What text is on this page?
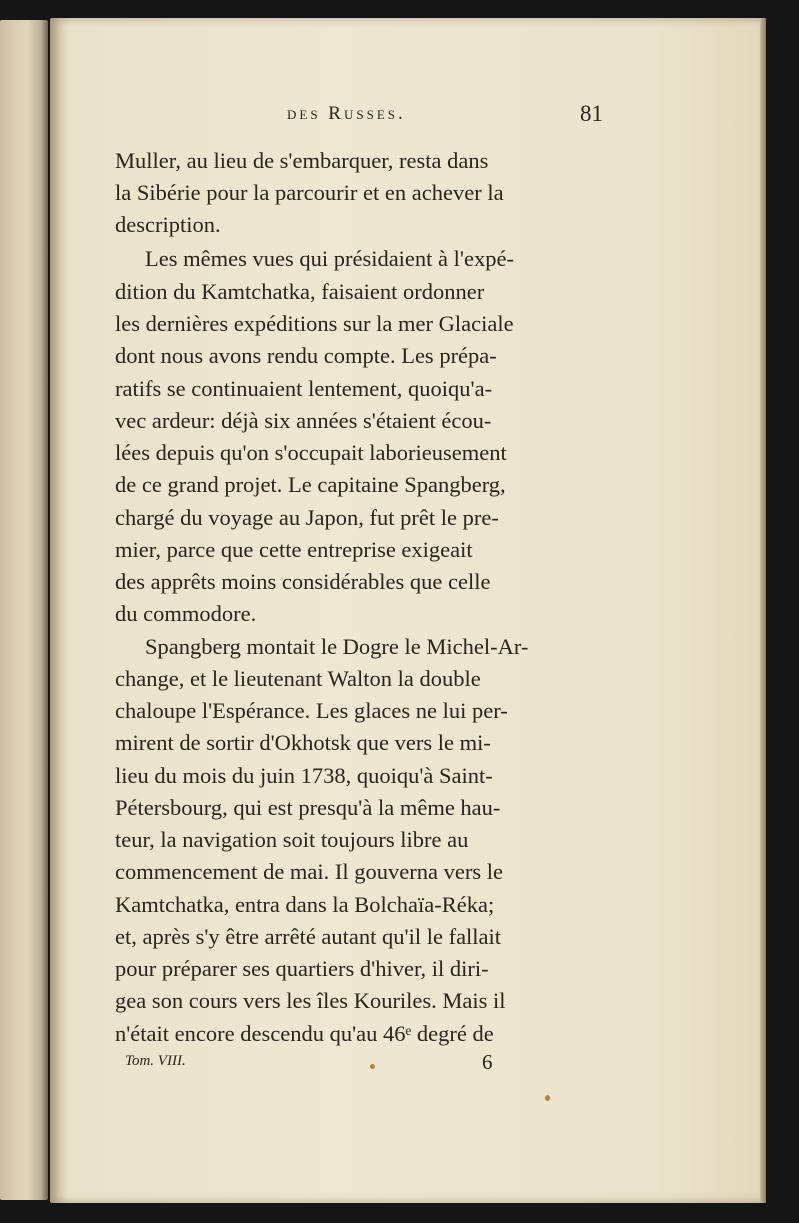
des Russes.	81
Muller, au lieu de s'embarquer, resta dans
la Sibérie pour la parcourir et en achever la
description.
Les mêmes vues qui présidaient à l'expé-
dition du Kamtchatka, faisaient ordonner
les dernières expéditions sur la mer Glaciale
dont nous avons rendu compte. Les prépa-
ratifs se continuaient lentement, quoiqu'a-
vec ardeur: déjà six années s'étaient écou-
lées depuis qu'on s'occupait laborieusement
de ce grand projet. Le capitaine Spangberg,
chargé du voyage au Japon, fut prêt le pre-
mier, parce que cette entreprise exigeait
des apprêts moins considérables que celle
du commodore.
Spangberg montait le Dogre le Michel-Ar-
change, et le lieutenant Walton la double
chaloupe l'Espérance. Les glaces ne lui per-
mirent de sortir d'Okhotsk que vers le mi-
lieu du mois du juin 1738, quoiqu'à Saint-
Pétersbourg, qui est presqu'à la même hau-
teur, la navigation soit toujours libre au
commencement de mai. Il gouverna vers le
Kamtchatka, entra dans la Bolchaïa-Réka;
et, après s'y être arrêté autant qu'il le fallait
pour préparer ses quartiers d'hiver, il diri-
gea son cours vers les îles Kouriles. Mais il
n'était encore descendu qu'au 46ᵉ degré de
Tom. VIII.	6
